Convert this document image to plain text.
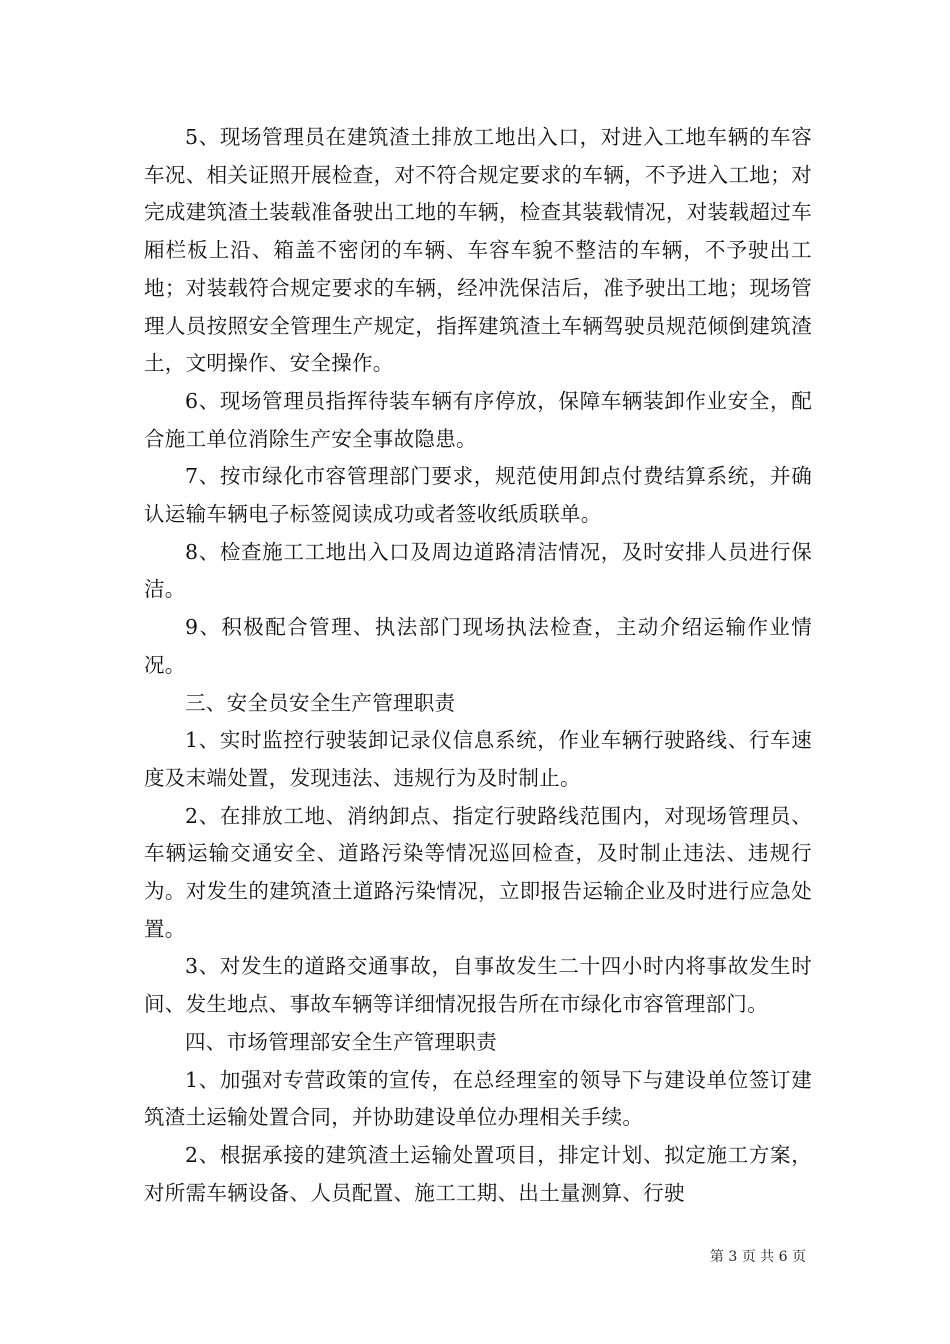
5、现场管理员在建筑渣土排放工地出入口，对进入工地车辆的车容车况、相关证照开展检查，对不符合规定要求的车辆，不予进入工地；对完成建筑渣土装载准备驶出工地的车辆，检查其装载情况，对装载超过车厢栏板上沿、箱盖不密闭的车辆、车容车貌不整洁的车辆，不予驶出工地；对装载符合规定要求的车辆，经冲洗保洁后，准予驶出工地；现场管理人员按照安全管理生产规定，指挥建筑渣土车辆驾驶员规范倾倒建筑渣土，文明操作、安全操作。

6、现场管理员指挥待装车辆有序停放，保障车辆装卸作业安全，配合施工单位消除生产安全事故隐患。

7、按市绿化市容管理部门要求，规范使用卸点付费结算系统，并确认运输车辆电子标签阅读成功或者签收纸质联单。

8、检查施工工地出入口及周边道路清洁情况，及时安排人员进行保洁。

9、积极配合管理、执法部门现场执法检查，主动介绍运输作业情况。

三、安全员安全生产管理职责

1、实时监控行驶装卸记录仪信息系统，作业车辆行驶路线、行车速度及末端处置，发现违法、违规行为及时制止。

2、在排放工地、消纳卸点、指定行驶路线范围内，对现场管理员、车辆运输交通安全、道路污染等情况巡回检查，及时制止违法、违规行为。对发生的建筑渣土道路污染情况，立即报告运输企业及时进行应急处置。

3、对发生的道路交通事故，自事故发生二十四小时内将事故发生时间、发生地点、事故车辆等详细情况报告所在市绿化市容管理部门。

四、市场管理部安全生产管理职责

1、加强对专营政策的宣传，在总经理室的领导下与建设单位签订建筑渣土运输处置合同，并协助建设单位办理相关手续。

2、根据承接的建筑渣土运输处置项目，排定计划、拟定施工方案，对所需车辆设备、人员配置、施工工期、出土量测算、行驶

第 3 页 共 6 页
